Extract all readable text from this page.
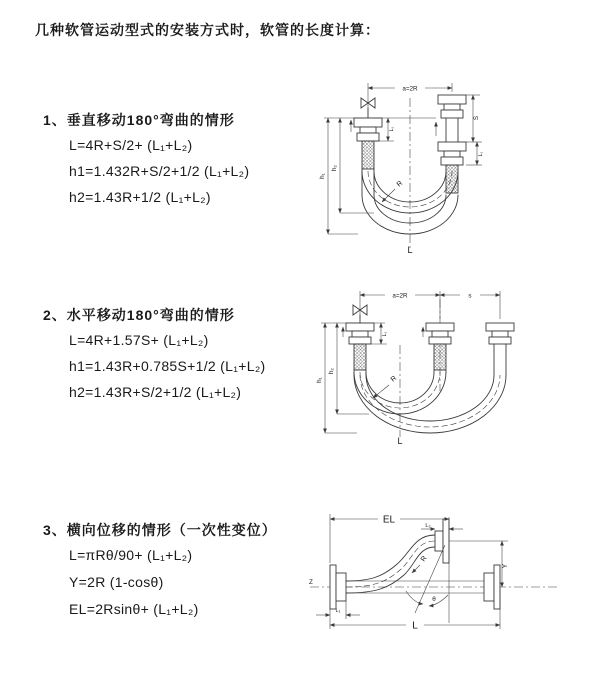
几种软管运动型式的安装方式时，软管的长度计算：
1、垂直移动180°弯曲的情形
L=4R+S/2+ (L₁+L₂)
h1=1.432R+S/2+1/2 (L₁+L₂)
h2=1.43R+1/2 (L₁+L₂)
2、水平移动180°弯曲的情形
L=4R+1.57S+ (L₁+L₂)
h1=1.43R+0.785S+1/2 (L₁+L₂)
h2=1.43R+S/2+1/2 (L₁+L₂)
3、横向位移的情形（一次性变位）
L=πRθ/90+ (L₁+L₂)
Y=2R (1-cosθ)
EL=2Rsinθ+ (L₁+L₂)
a=2R
R
h₂
h₁
L₁
S
L₁
L
a=2R	s
R
h₂
h₁
L₁
L
Z
EL
L₂
Y
R
θ
L
L₁
